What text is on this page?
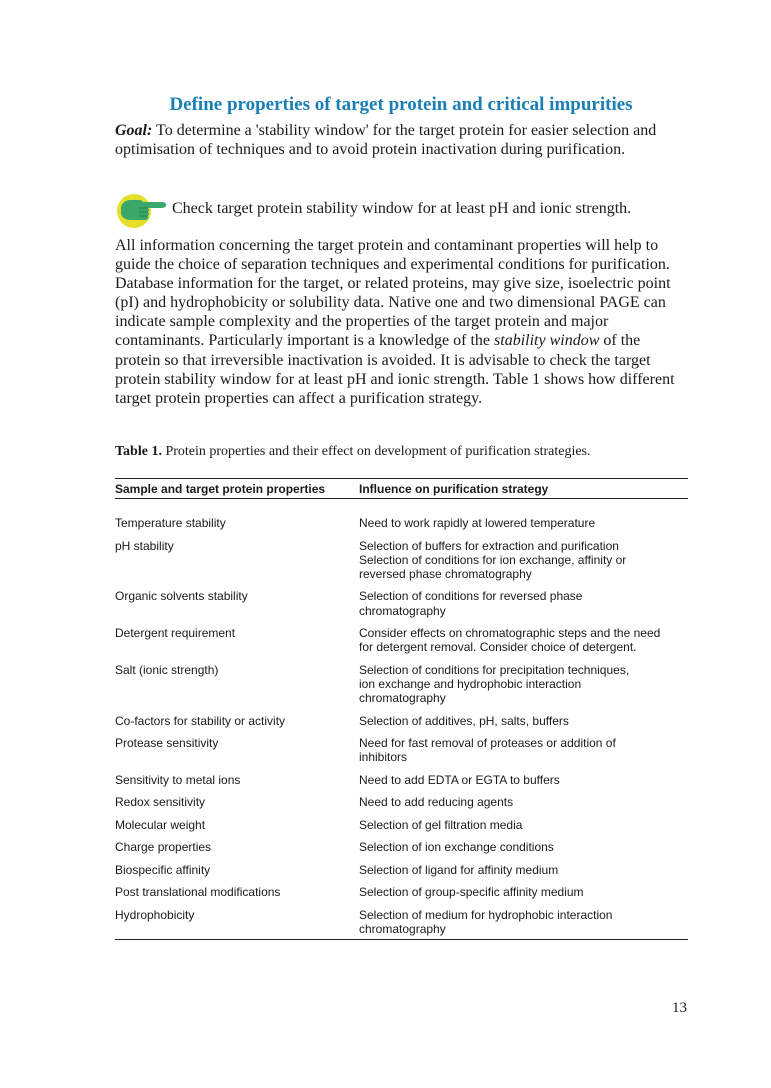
Define properties of target protein and critical impurities
Goal: To determine a 'stability window' for the target protein for easier selection and optimisation of techniques and to avoid protein inactivation during purification.
Check target protein stability window for at least pH and ionic strength.
All information concerning the target protein and contaminant properties will help to guide the choice of separation techniques and experimental conditions for purification. Database information for the target, or related proteins, may give size, isoelectric point (pI) and hydrophobicity or solubility data. Native one and two dimensional PAGE can indicate sample complexity and the properties of the target protein and major contaminants. Particularly important is a knowledge of the stability window of the protein so that irreversible inactivation is avoided. It is advisable to check the target protein stability window for at least pH and ionic strength. Table 1 shows how different target protein properties can affect a purification strategy.
Table 1. Protein properties and their effect on development of purification strategies.
Sample and target protein properties	Influence on purification strategy
Temperature stability	Need to work rapidly at lowered temperature
pH stability	Selection of buffers for extraction and purification
Selection of conditions for ion exchange, affinity or
reversed phase chromatography
Organic solvents stability	Selection of conditions for reversed phase
chromatography
Detergent requirement	Consider effects on chromatographic steps and the need
for detergent removal. Consider choice of detergent.
Salt (ionic strength)	Selection of conditions for precipitation techniques,
ion exchange and hydrophobic interaction
chromatography
Co-factors for stability or activity	Selection of additives, pH, salts, buffers
Protease sensitivity	Need for fast removal of proteases or addition of
inhibitors
Sensitivity to metal ions	Need to add EDTA or EGTA to buffers
Redox sensitivity	Need to add reducing agents
Molecular weight	Selection of gel filtration media
Charge properties	Selection of ion exchange conditions
Biospecific affinity	Selection of ligand for affinity medium
Post translational modifications	Selection of group-specific affinity medium
Hydrophobicity	Selection of medium for hydrophobic interaction
chromatography
13
